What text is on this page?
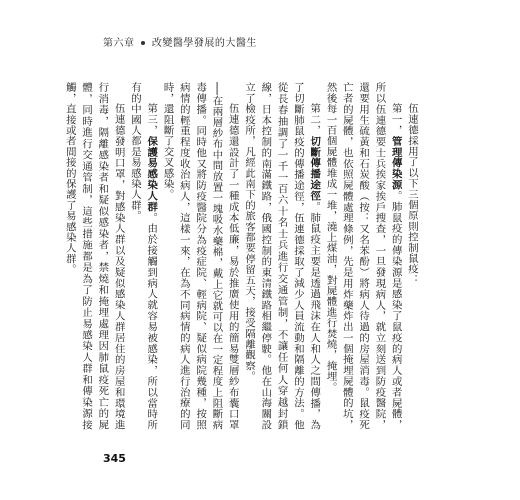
第六章 改變醫學發展的大醫生

伍連德採用了以下三個原則控制鼠疫：

第一，管理傳染源。肺鼠疫的傳染源是感染了鼠疫的病人或者屍體，所以伍連德要士兵挨家挨戶搜查，一旦發現病人，就立刻送到防疫醫院，還要用生硫黃和石炭酸（按：又名苯酚）將病人待過的房屋消毒。鼠疫死亡者的屍體，也依照屍體處理條例，先是用炸藥炸出一個掩埋屍體的坑，然後每一百個屍體堆成一堆，澆上煤油，對屍體進行焚燒，掩埋。

第二，切斷傳播途徑。肺鼠疫主要是透過飛沫在人和人之間傳播，為了切斷肺鼠疫的傳播途徑，伍連德採取了減少人員流動和隔離的方法。他從長春抽調了一千一百六十名士兵進行交通管制，不讓任何人穿越封鎖線，日本控制的南滿鐵路，俄國控制的東清鐵路相繼停駛。他在山海關設立了檢疫所，凡經此南下的旅客都要停留五天，接受隔離觀察。

伍連德還設計了一種成本低廉，易於推廣使用的簡易雙層紗布囊口罩──在兩層紗布中間放置一塊吸水藥棉，戴上它就可以在一定程度上阻斷病毒傳播。同時他又將防疫醫院分為疫症院、輕病院、疑似病院幾種，按照病情的輕重程度收治病人，這樣一來，在為不同病情的病人進行治療的同時，還阻斷了交叉感染。

第三，保護易感染人群。由於接觸到病人就容易被感染，所以當時所有的中國人都是易感染人群。

伍連德發明口罩，對感染人群以及疑似感染人群居住的房屋和環境進行消毒，隔離感染者和疑似感染者，禁燒和掩埋處理因肺鼠疫死亡的屍體，同時進行交通管制，這些措施都是為了防止易感染人群和傳染源接觸，直接或者間接的保護了易感染人群。

345
